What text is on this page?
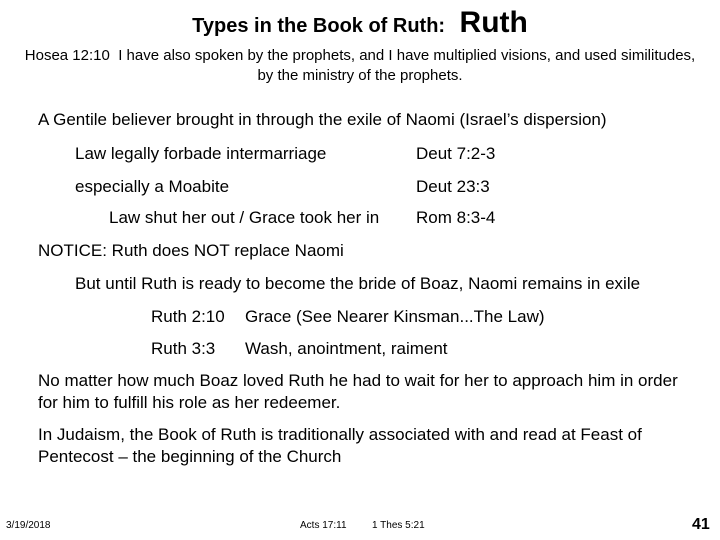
Types in the Book of Ruth: Ruth
Hosea 12:10 I have also spoken by the prophets, and I have multiplied visions, and used similitudes, by the ministry of the prophets.
A Gentile believer brought in through the exile of Naomi (Israel’s dispersion)
Law legally forbade intermarriage	Deut 7:2-3
especially a Moabite	Deut 23:3
Law shut her out / Grace took her in Rom 8:3-4
NOTICE: Ruth does NOT replace Naomi
But until Ruth is ready to become the bride of Boaz, Naomi remains in exile
Ruth 2:10 Grace (See Nearer Kinsman...The Law)
Ruth 3:3 Wash, anointment, raiment
No matter how much Boaz loved Ruth he had to wait for her to approach him in order for him to fulfill his role as her redeemer.
In Judaism, the Book of Ruth is traditionally associated with and read at Feast of Pentecost – the beginning of the Church
3/19/2018	Acts 17:11	1 Thes 5:21	41
